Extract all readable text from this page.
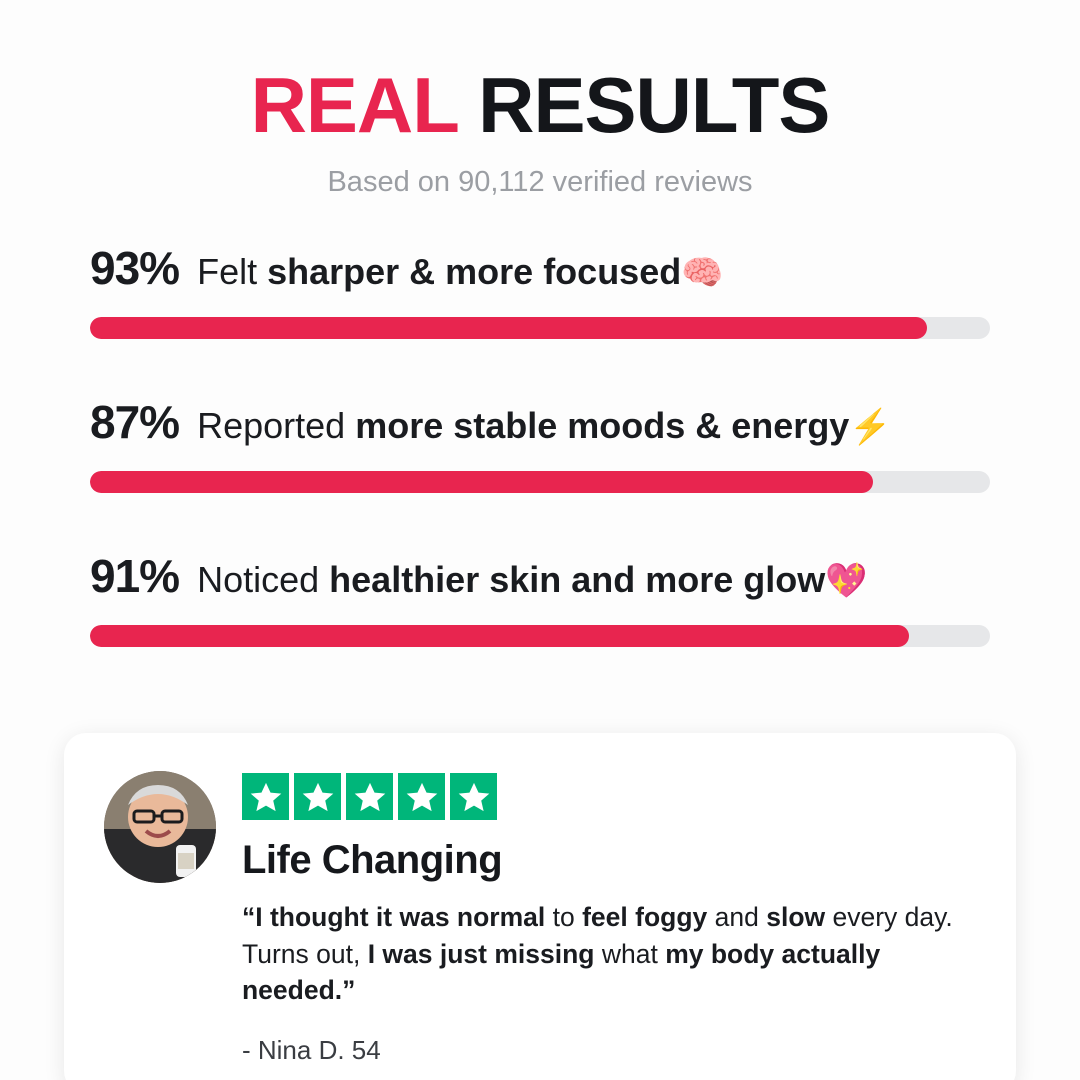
REAL RESULTS
Based on 90,112 verified reviews
93% Felt sharper & more focused🧠
87% Reported more stable moods & energy⚡
91% Noticed healthier skin and more glow💖
Life Changing
“I thought it was normal to feel foggy and slow every day.
Turns out, I was just missing what my body actually needed.”
- Nina D. 54
